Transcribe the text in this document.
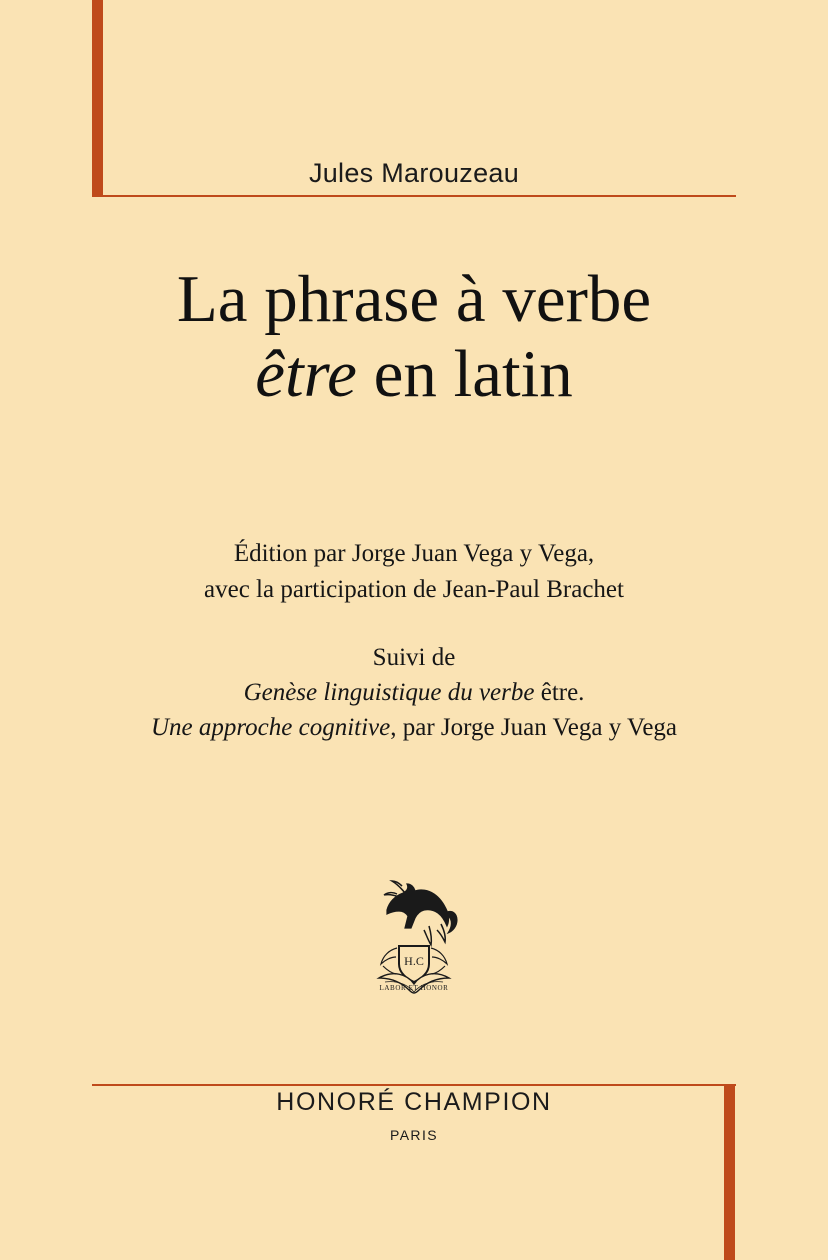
Jules Marouzeau
La phrase à verbe
être en latin
Édition par Jorge Juan Vega y Vega,
avec la participation de Jean-Paul Brachet
Suivi de
Genèse linguistique du verbe être.
Une approche cognitive, par Jorge Juan Vega y Vega
H.C
LABOR ET HONOR
HONORÉ CHAMPION
PARIS
